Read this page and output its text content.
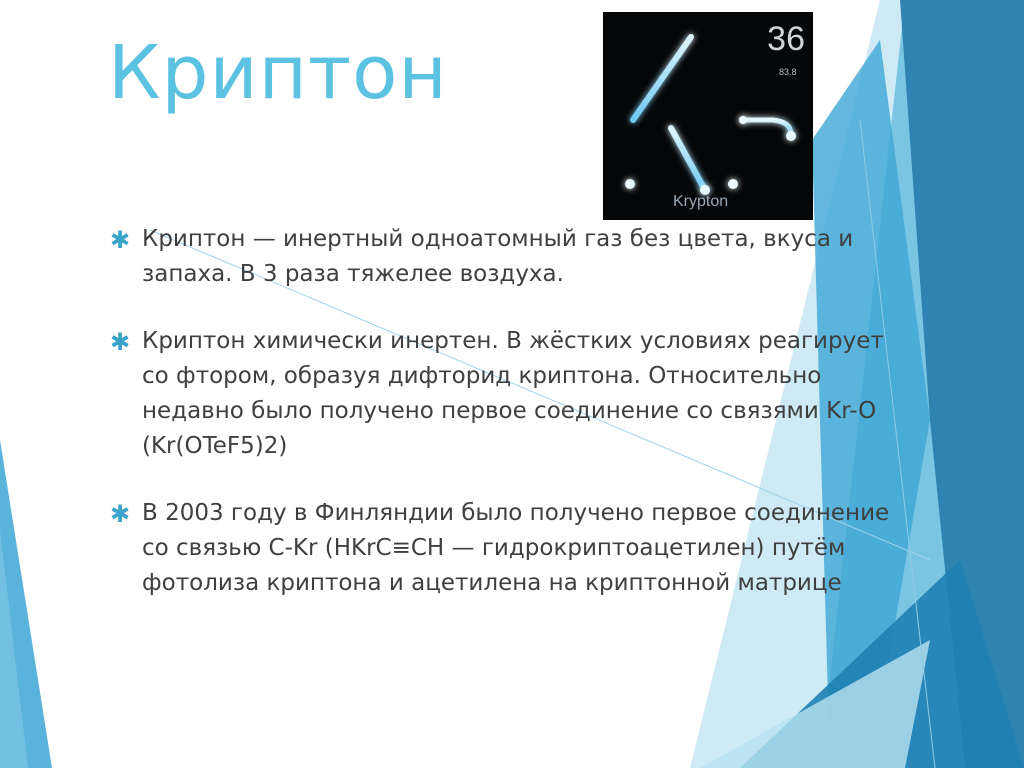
Криптон	36
83.8
Krypton
✱ Криптон — инертный одноатомный газ без цвета, вкуса и запаха. В 3 раза тяжелее воздуха.
✱ Криптон химически инертен. В жёстких условиях реагирует со фтором, образуя дифторид криптона. Относительно недавно было получено первое соединение со связями Kr-O (Kr(OTeF5)2)
✱ В 2003 году в Финляндии было получено первое соединение со связью C-Kr (HKrC≡CH — гидрокриптоацетилен) путём фотолиза криптона и ацетилена на криптонной матрице
